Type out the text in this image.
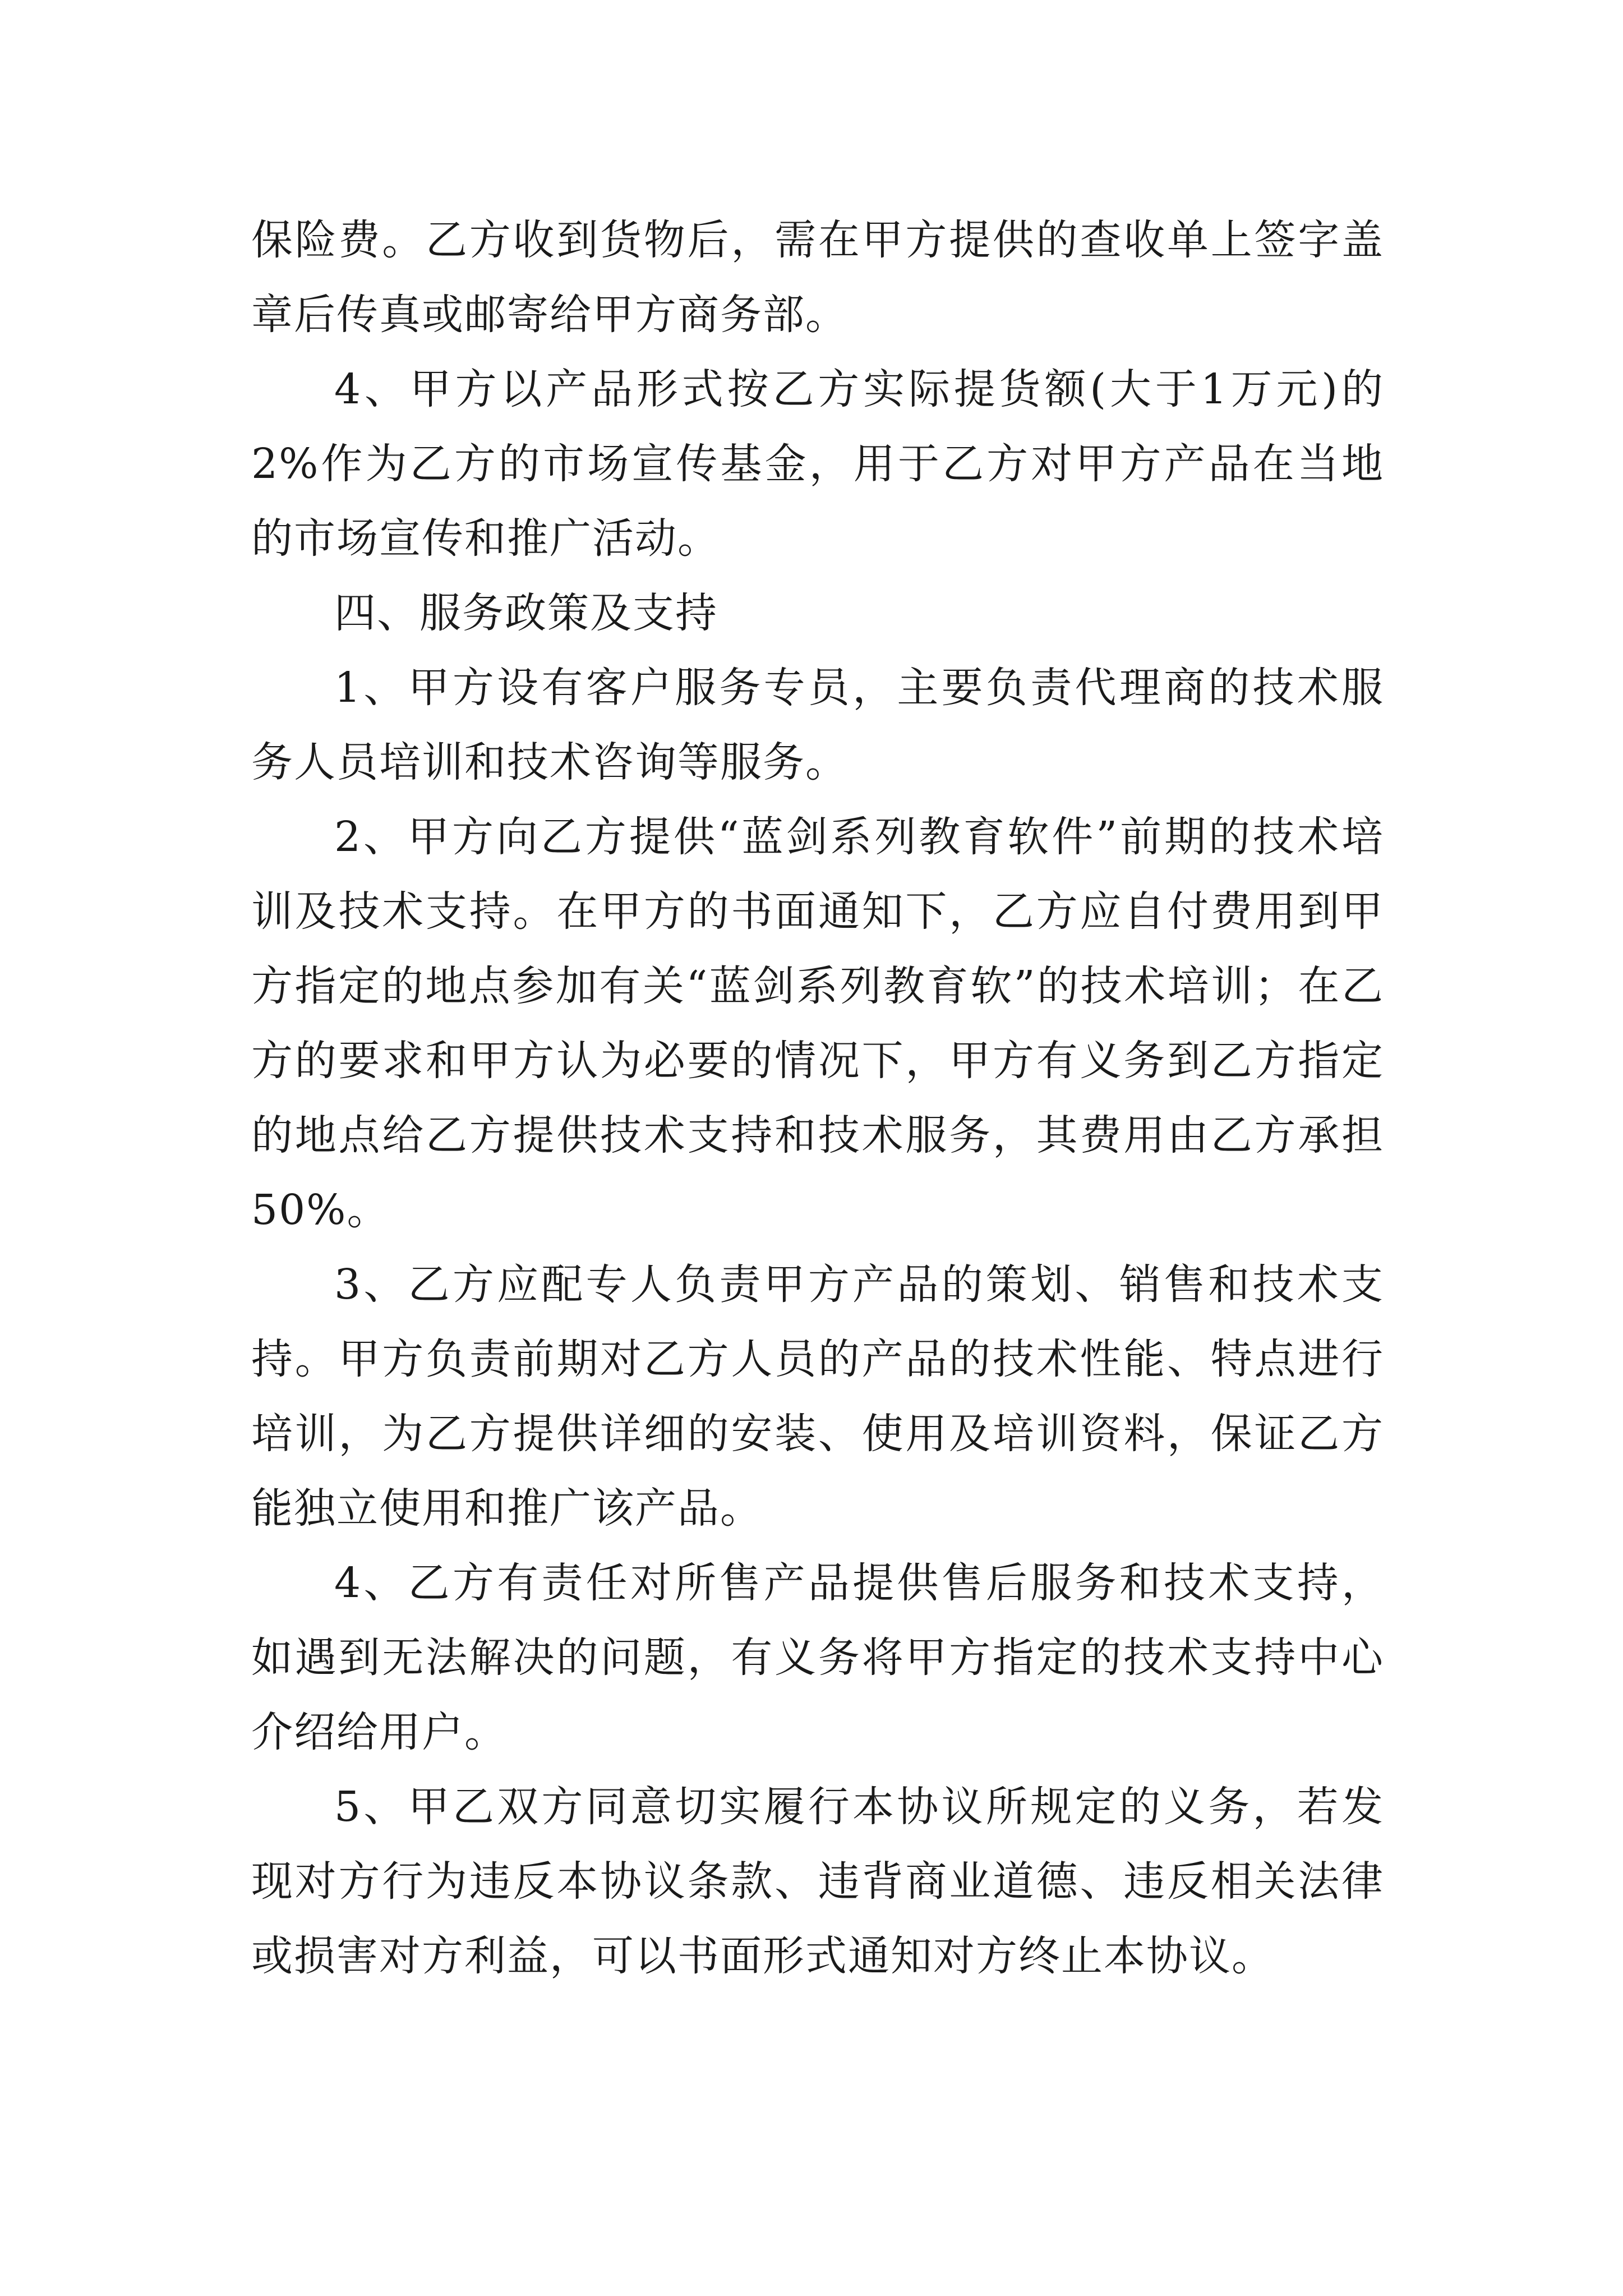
保险费。乙方收到货物后，需在甲方提供的查收单上签字盖章后传真或邮寄给甲方商务部。

4、甲方以产品形式按乙方实际提货额(大于1万元)的2%作为乙方的市场宣传基金，用于乙方对甲方产品在当地的市场宣传和推广活动。

四、服务政策及支持

1、甲方设有客户服务专员，主要负责代理商的技术服务人员培训和技术咨询等服务。

2、甲方向乙方提供“蓝剑系列教育软件”前期的技术培训及技术支持。在甲方的书面通知下，乙方应自付费用到甲方指定的地点参加有关“蓝剑系列教育软”的技术培训；在乙方的要求和甲方认为必要的情况下，甲方有义务到乙方指定的地点给乙方提供技术支持和技术服务，其费用由乙方承担50%。

3、乙方应配专人负责甲方产品的策划、销售和技术支持。甲方负责前期对乙方人员的产品的技术性能、特点进行培训，为乙方提供详细的安装、使用及培训资料，保证乙方能独立使用和推广该产品。

4、乙方有责任对所售产品提供售后服务和技术支持，如遇到无法解决的问题，有义务将甲方指定的技术支持中心介绍给用户。

5、甲乙双方同意切实履行本协议所规定的义务，若发现对方行为违反本协议条款、违背商业道德、违反相关法律或损害对方利益，可以书面形式通知对方终止本协议。
